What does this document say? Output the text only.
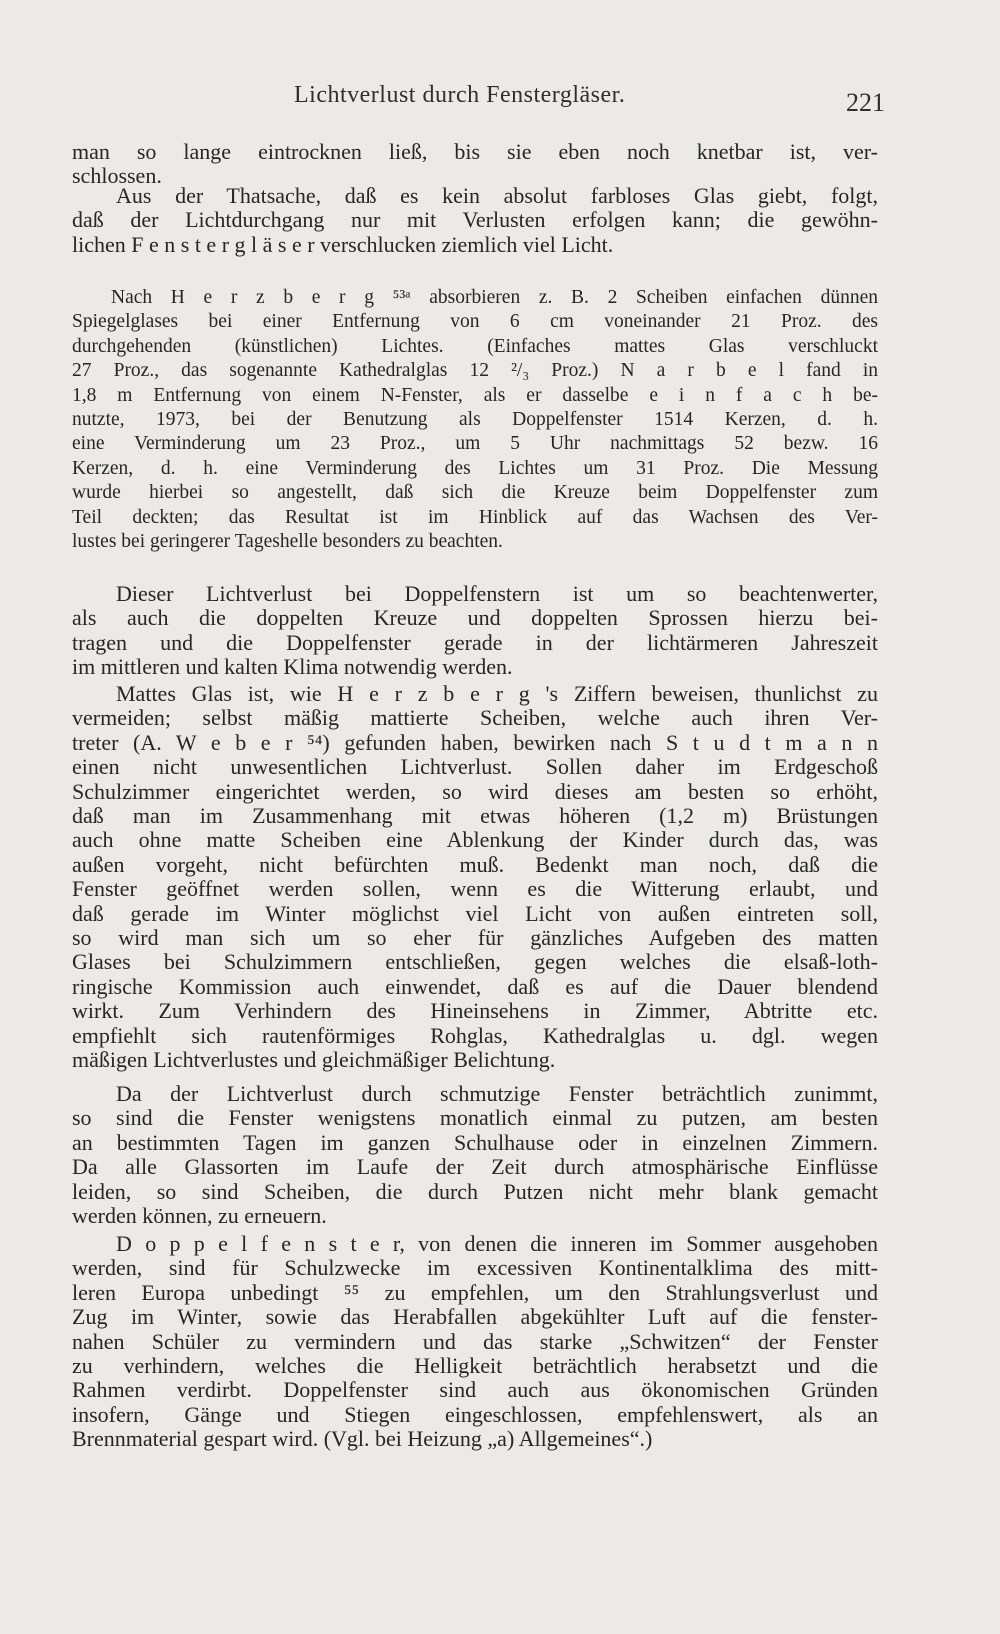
Lichtverlust durch Fenstergläser.	221
man so lange eintrocknen ließ, bis sie eben noch knetbar ist, ver-
schlossen.
  Aus der Thatsache, daß es kein absolut farbloses Glas giebt, folgt,
daß der Lichtdurchgang nur mit Verlusten erfolgen kann; die gewöhn-
lichen F e n s t e r g l ä s e r verschlucken ziemlich viel Licht.
  Nach H e r z b e r g ⁵³ᵃ absorbieren z. B. 2 Scheiben einfachen dünnen
Spiegelglases bei einer Entfernung von 6 cm voneinander 21 Proz. des
durchgehenden (künstlichen) Lichtes. (Einfaches mattes Glas verschluckt
27 Proz., das sogenannte Kathedralglas 12 ²/₃ Proz.) N a r b e l fand in
1,8 m Entfernung von einem N-Fenster, als er dasselbe e i n f a c h be-
nutzte, 1973, bei der Benutzung als Doppelfenster 1514 Kerzen, d. h.
eine Verminderung um 23 Proz., um 5 Uhr nachmittags 52 bezw. 16
Kerzen, d. h. eine Verminderung des Lichtes um 31 Proz. Die Messung
wurde hierbei so angestellt, daß sich die Kreuze beim Doppelfenster zum
Teil deckten; das Resultat ist im Hinblick auf das Wachsen des Ver-
lustes bei geringerer Tageshelle besonders zu beachten.
  Dieser Lichtverlust bei Doppelfenstern ist um so beachtenwerter,
als auch die doppelten Kreuze und doppelten Sprossen hierzu bei-
tragen und die Doppelfenster gerade in der lichtärmeren Jahreszeit
im mittleren und kalten Klima notwendig werden.
  Mattes Glas ist, wie H e r z b e r g 's Ziffern beweisen, thunlichst zu
vermeiden; selbst mäßig mattierte Scheiben, welche auch ihren Ver-
treter (A. W e b e r ⁵⁴) gefunden haben, bewirken nach S t u d t m a n n
einen nicht unwesentlichen Lichtverlust. Sollen daher im Erdgeschoß
Schulzimmer eingerichtet werden, so wird dieses am besten so erhöht,
daß man im Zusammenhang mit etwas höheren (1,2 m) Brüstungen
auch ohne matte Scheiben eine Ablenkung der Kinder durch das, was
außen vorgeht, nicht befürchten muß. Bedenkt man noch, daß die
Fenster geöffnet werden sollen, wenn es die Witterung erlaubt, und
daß gerade im Winter möglichst viel Licht von außen eintreten soll,
so wird man sich um so eher für gänzliches Aufgeben des matten
Glases bei Schulzimmern entschließen, gegen welches die elsaß-loth-
ringische Kommission auch einwendet, daß es auf die Dauer blendend
wirkt. Zum Verhindern des Hineinsehens in Zimmer, Abtritte etc.
empfiehlt sich rautenförmiges Rohglas, Kathedralglas u. dgl. wegen
mäßigen Lichtverlustes und gleichmäßiger Belichtung.
  Da der Lichtverlust durch schmutzige Fenster beträchtlich zunimmt,
so sind die Fenster wenigstens monatlich einmal zu putzen, am besten
an bestimmten Tagen im ganzen Schulhause oder in einzelnen Zimmern.
Da alle Glassorten im Laufe der Zeit durch atmosphärische Einflüsse
leiden, so sind Scheiben, die durch Putzen nicht mehr blank gemacht
werden können, zu erneuern.
  D o p p e l f e n s t e r, von denen die inneren im Sommer ausgehoben
werden, sind für Schulzwecke im excessiven Kontinentalklima des mitt-
leren Europa unbedingt ⁵⁵ zu empfehlen, um den Strahlungsverlust und
Zug im Winter, sowie das Herabfallen abgekühlter Luft auf die fenster-
nahen Schüler zu vermindern und das starke „Schwitzen“ der Fenster
zu verhindern, welches die Helligkeit beträchtlich herabsetzt und die
Rahmen verdirbt. Doppelfenster sind auch aus ökonomischen Gründen
insofern, Gänge und Stiegen eingeschlossen, empfehlenswert, als an
Brennmaterial gespart wird. (Vgl. bei Heizung „a) Allgemeines“.)
